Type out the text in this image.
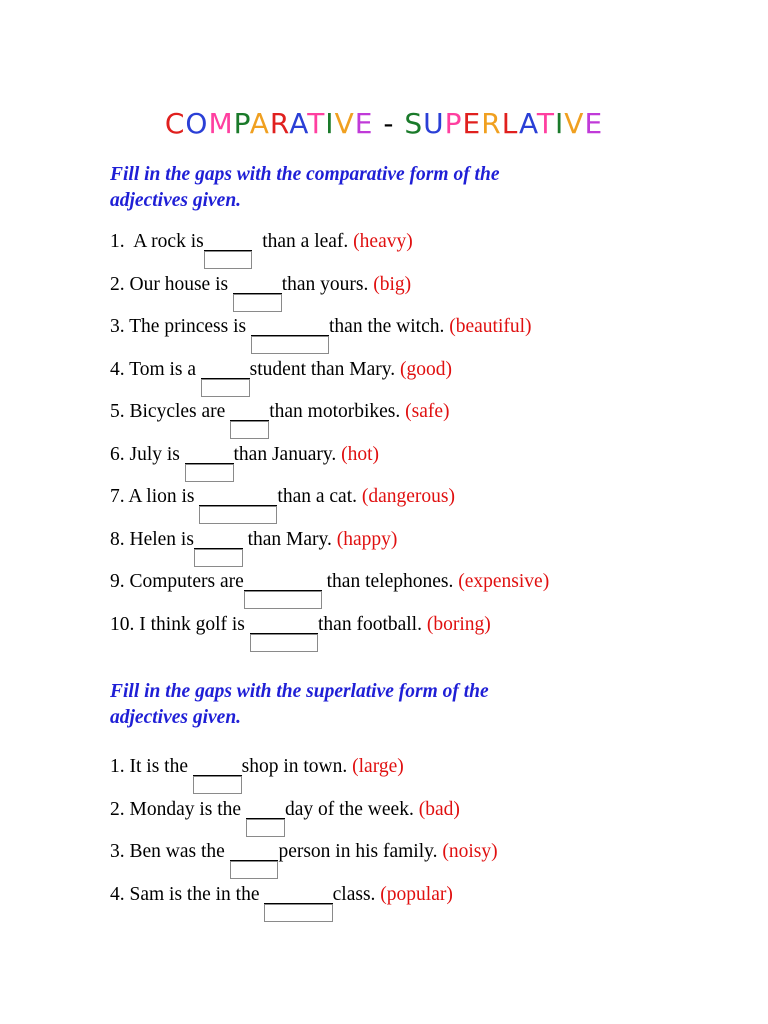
COMPARATIVE - SUPERLATIVE
Fill in the gaps with the comparative form of the
adjectives given.
1.  A rock is	than a leaf. (heavy)
2. Our house is	than yours. (big)
3. The princess is	than the witch. (beautiful)
4. Tom is a	student than Mary. (good)
5. Bicycles are
than motorbikes. (safe)
6. July is	than January. (hot)
7. A lion is	than a cat. (dangerous)
8. Helen is	than Mary. (happy)
9. Computers are	than telephones. (expensive)
10. I think golf is	than football. (boring)
Fill in the gaps with the superlative form of the
adjectives given.
1. It is the	shop in town. (large)
2. Monday is the
day of the week. (bad)
3. Ben was the	person in his family. (noisy)
4. Sam is the in the	class. (popular)
